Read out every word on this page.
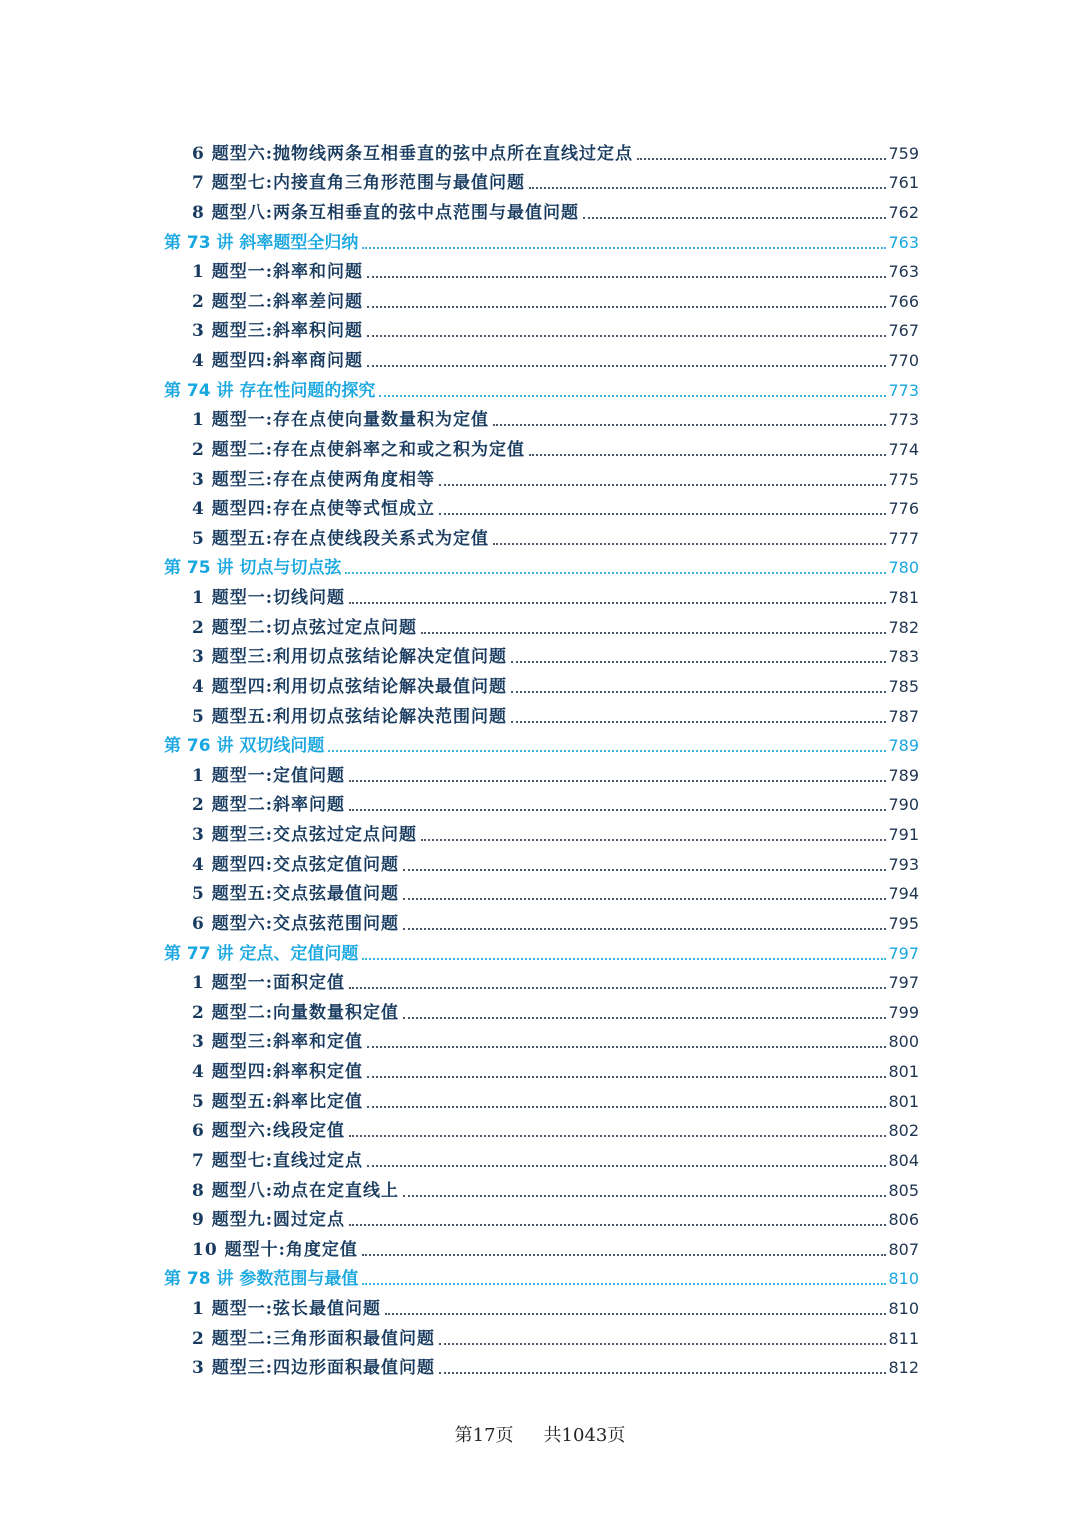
6 题型六:抛物线两条互相垂直的弦中点所在直线过定点	759
7 题型七:内接直角三角形范围与最值问题	761
8 题型八:两条互相垂直的弦中点范围与最值问题	762
第 73 讲 斜率题型全归纳	763
1 题型一:斜率和问题	763
2 题型二:斜率差问题	766
3 题型三:斜率积问题	767
4 题型四:斜率商问题	770
第 74 讲 存在性问题的探究	773
1 题型一:存在点使向量数量积为定值	773
2 题型二:存在点使斜率之和或之积为定值	774
3 题型三:存在点使两角度相等	775
4 题型四:存在点使等式恒成立	776
5 题型五:存在点使线段关系式为定值	777
第 75 讲 切点与切点弦	780
1 题型一:切线问题	781
2 题型二:切点弦过定点问题	782
3 题型三:利用切点弦结论解决定值问题	783
4 题型四:利用切点弦结论解决最值问题	785
5 题型五:利用切点弦结论解决范围问题	787
第 76 讲 双切线问题	789
1 题型一:定值问题	789
2 题型二:斜率问题	790
3 题型三:交点弦过定点问题	791
4 题型四:交点弦定值问题	793
5 题型五:交点弦最值问题	794
6 题型六:交点弦范围问题	795
第 77 讲 定点、定值问题	797
1 题型一:面积定值	797
2 题型二:向量数量积定值	799
3 题型三:斜率和定值	800
4 题型四:斜率积定值	801
5 题型五:斜率比定值	801
6 题型六:线段定值	802
7 题型七:直线过定点	804
8 题型八:动点在定直线上	805
9 题型九:圆过定点	806
10 题型十:角度定值	807
第 78 讲 参数范围与最值	810
1 题型一:弦长最值问题	810
2 题型二:三角形面积最值问题	811
3 题型三:四边形面积最值问题	812
第17页 共1043页
